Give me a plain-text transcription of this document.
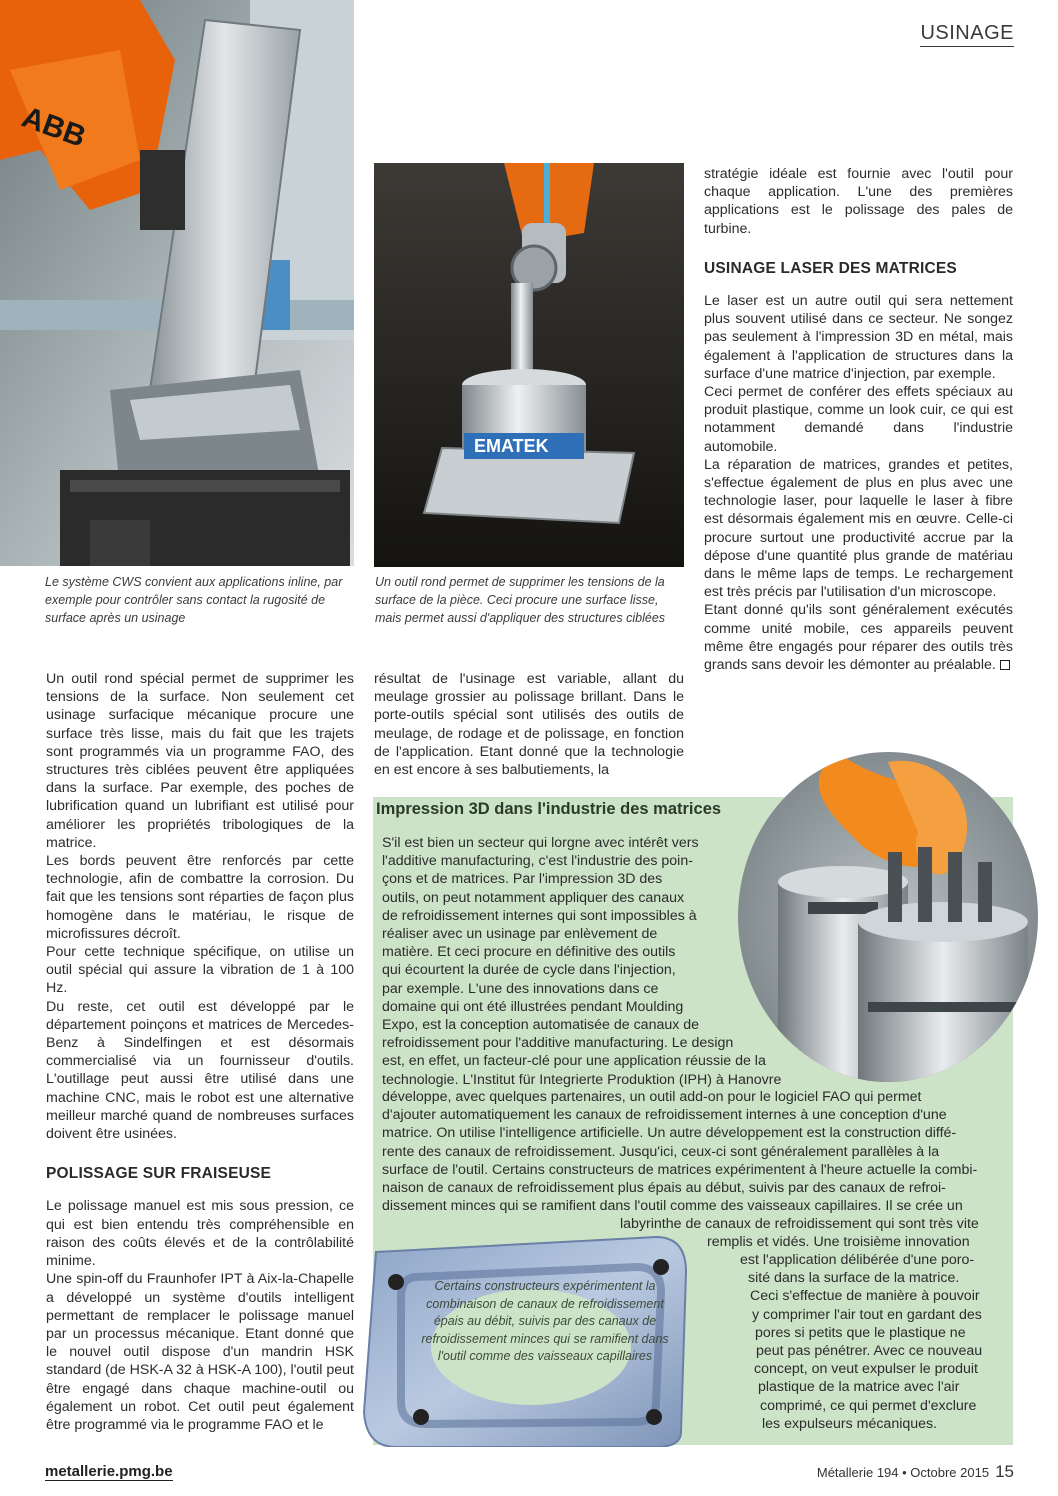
USINAGE
ABB

Le système CWS convient aux applications inline, par exemple pour contrôler sans contact la rugosité de surface après un usinage

EMATEK

Un outil rond permet de supprimer les tensions de la surface de la pièce. Ceci procure une surface lisse, mais permet aussi d'appliquer des structures ciblées

Un outil rond spécial permet de supprimer les tensions de la surface. Non seulement cet usinage surfacique mécanique procure une surface très lisse, mais du fait que les trajets sont programmés via un programme FAO, des structures très ciblées peuvent être appliquées dans la surface. Par exemple, des poches de lubrification quand un lubrifiant est utilisé pour améliorer les propriétés tribologiques de la matrice.

Les bords peuvent être renforcés par cette technologie, afin de combattre la corrosion. Du fait que les tensions sont réparties de façon plus homogène dans le matériau, le risque de microfissures décroît.

Pour cette technique spécifique, on utilise un outil spécial qui assure la vibration de 1 à 100 Hz.

Du reste, cet outil est développé par le département poinçons et matrices de Mercedes-Benz à Sindelfingen et est désormais commercialisé via un fournisseur d'outils. L'outillage peut aussi être utilisé dans une machine CNC, mais le robot est une alternative meilleur marché quand de nombreuses surfaces doivent être usinées.

POLISSAGE SUR FRAISEUSE

Le polissage manuel est mis sous pression, ce qui est bien entendu très compréhensible en raison des coûts élevés et de la contrôlabilité minime.

Une spin-off du Fraunhofer IPT à Aix-la-Chapelle a développé un système d'outils intelligent permettant de remplacer le polissage manuel par un processus mécanique. Etant donné que le nouvel outil dispose d'un mandrin HSK standard (de HSK-A 32 à HSK-A 100), l'outil peut être engagé dans chaque machine-outil ou également un robot. Cet outil peut également être programmé via le programme FAO et le

résultat de l'usinage est variable, allant du meulage grossier au polissage brillant. Dans le porte-outils spécial sont utilisés des outils de meulage, de rodage et de polissage, en fonction de l'application. Etant donné que la technologie en est encore à ses balbutiements, la

stratégie idéale est fournie avec l'outil pour chaque application. L'une des premières applications est le polissage des pales de turbine.

USINAGE LASER DES MATRICES

Le laser est un autre outil qui sera nettement plus souvent utilisé dans ce secteur. Ne songez pas seulement à l'impression 3D en métal, mais également à l'application de structures dans la surface d'une matrice d'injection, par exemple.

Ceci permet de conférer des effets spéciaux au produit plastique, comme un look cuir, ce qui est notamment demandé dans l'industrie automobile.

La réparation de matrices, grandes et petites, s'effectue également de plus en plus avec une technologie laser, pour laquelle le laser à fibre est désormais également mis en œuvre. Celle-ci procure surtout une productivité accrue par la dépose d'une quantité plus grande de matériau dans le même laps de temps. Le rechargement est très précis par l'utilisation d'un microscope.

Etant donné qu'ils sont généralement exécutés comme unité mobile, ces appareils peuvent même être engagés pour réparer des outils très grands sans devoir les démonter au préalable.

Certains constructeurs expérimentent la combinaison de canaux de refroidissement épais au débit, suivis par des canaux de refroidissement minces qui se ramifient dans l'outil comme des vaisseaux capillaires
Impression 3D dans l'industrie des matrices
S'il est bien un secteur qui lorgne avec intérêt vers
l'additive manufacturing, c'est l'industrie des poin-
çons et de matrices. Par l'impression 3D des
outils, on peut notamment appliquer des canaux
de refroidissement internes qui sont impossibles à
réaliser avec un usinage par enlèvement de
matière. Et ceci procure en définitive des outils
qui écourtent la durée de cycle dans l'injection,
par exemple. L'une des innovations dans ce
domaine qui ont été illustrées pendant Moulding
Expo, est la conception automatisée de canaux de
refroidissement pour l'additive manufacturing. Le design
est, en effet, un facteur-clé pour une application réussie de la
technologie. L'Institut für Integrierte Produktion (IPH) à Hanovre
développe, avec quelques partenaires, un outil add-on pour le logiciel FAO qui permet
d'ajouter automatiquement les canaux de refroidissement internes à une conception d'une
matrice. On utilise l'intelligence artificielle. Un autre développement est la construction diffé-
rente des canaux de refroidissement. Jusqu'ici, ceux-ci sont généralement parallèles à la
surface de l'outil. Certains constructeurs de matrices expérimentent à l'heure actuelle la combi-
naison de canaux de refroidissement plus épais au début, suivis par des canaux de refroi-
dissement minces qui se ramifient dans l'outil comme des vaisseaux capillaires. Il se crée un
labyrinthe de canaux de refroidissement qui sont très vite
remplis et vidés. Une troisième innovation
est l'application délibérée d'une poro-
sité dans la surface de la matrice.
Ceci s'effectue de manière à pouvoir
y comprimer l'air tout en gardant des
pores si petits que le plastique ne
peut pas pénétrer. Avec ce nouveau
concept, on veut expulser le produit
plastique de la matrice avec l'air
comprimé, ce qui permet d'exclure
les expulseurs mécaniques.
metallerie.pmg.be	Métallerie 194 • Octobre 2015 15
